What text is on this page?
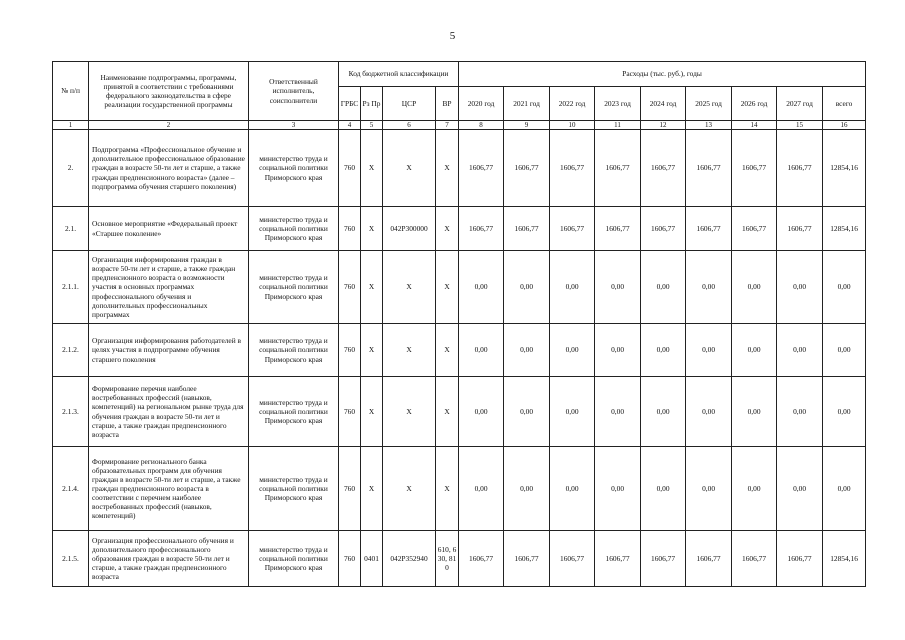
5
№ п/п	Наименование подпрограммы, программы, принятой в соответствии с требованиями федерального законодательства в сфере реализации государственной программы	Ответственный исполнитель, соисполнители	Код бюджетной классификации				Расходы (тыс. руб.), годы								
			ГРБС	Рз Пр	ЦСР	ВР	2020 год	2021 год	2022 год	2023 год	2024 год	2025 год	2026 год	2027 год	всего
1	2	3	4	5	6	7	8	9	10	11	12	13	14	15	16
2.	Подпрограмма «Профессиональное обучение и дополнительное профессиональное образование граждан в возрасте 50-ти лет и старше, а также граждан предпенсионного возраста» (далее – подпрограмма обучения старшего поколения)	министерство труда и социальной политики Приморского края	760	X	X	X	1606,77	1606,77	1606,77	1606,77	1606,77	1606,77	1606,77	1606,77	12854,16
2.1.	Основное мероприятие «Федеральный проект «Старшее поколение»	министерство труда и социальной политики Приморского края	760	X	042P300000	X	1606,77	1606,77	1606,77	1606,77	1606,77	1606,77	1606,77	1606,77	12854,16
2.1.1.	Организация информирования граждан в возрасте 50-ти лет и старше, а также граждан предпенсионного возраста о возможности участия в основных программах профессионального обучения и дополнительных профессиональных программах	министерство труда и социальной политики Приморского края	760	X	X	X	0,00	0,00	0,00	0,00	0,00	0,00	0,00	0,00	0,00
2.1.2.	Организация информирования работодателей в целях участия в подпрограмме обучения старшего поколения	министерство труда и социальной политики Приморского края	760	X	X	X	0,00	0,00	0,00	0,00	0,00	0,00	0,00	0,00	0,00
2.1.3.	Формирование перечня наиболее востребованных профессий (навыков, компетенций) на региональном рынке труда для обучения граждан в возрасте 50-ти лет и старше, а также граждан предпенсионного возраста	министерство труда и социальной политики Приморского края	760	X	X	X	0,00	0,00	0,00	0,00	0,00	0,00	0,00	0,00	0,00
2.1.4.	Формирование регионального банка образовательных программ для обучения граждан в возрасте 50-ти лет и старше, а также граждан предпенсионного возраста в соответствии с перечнем наиболее востребованных профессий (навыков, компетенций)	министерство труда и социальной политики Приморского края	760	X	X	X	0,00	0,00	0,00	0,00	0,00	0,00	0,00	0,00	0,00
2.1.5.	Организация профессионального обучения и дополнительного профессионального образования граждан в возрасте 50-ти лет и старше, а также граждан предпенсионного возраста	министерство труда и социальной политики Приморского края	760	0401	042P352940	610, 630, 810	1606,77	1606,77	1606,77	1606,77	1606,77	1606,77	1606,77	1606,77	12854,16
